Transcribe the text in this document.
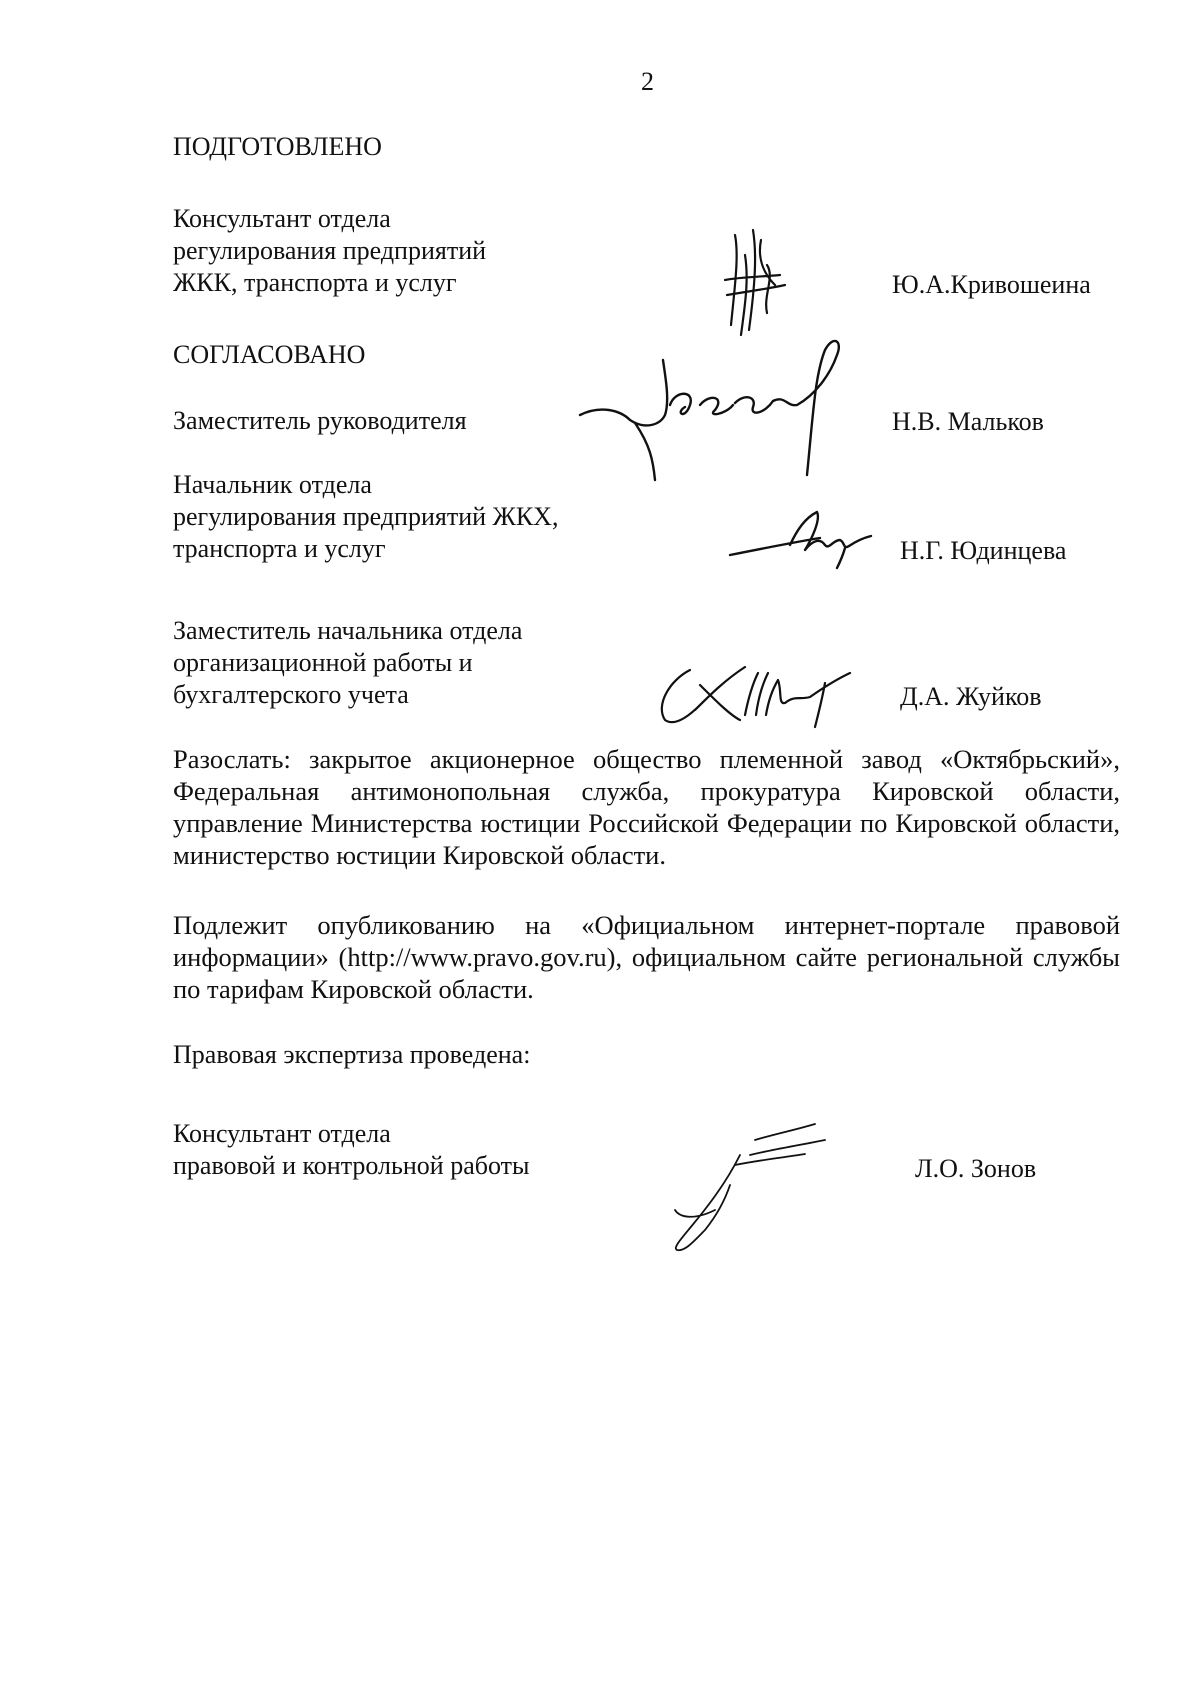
2
ПОДГОТОВЛЕНО
Консультант отдела
регулирования предприятий
ЖКК, транспорта и услуг	Ю.А.Кривошеина
СОГЛАСОВАНО
Заместитель руководителя	Н.В. Мальков
Начальник отдела
регулирования предприятий ЖКХ,
транспорта и услуг	Н.Г. Юдинцева
Заместитель начальника отдела
организационной работы и
бухгалтерского учета	Д.А. Жуйков
Разослать: закрытое акционерное общество племенной завод «Октябрьский», Федеральная антимонопольная служба, прокуратура Кировской области, управление Министерства юстиции Российской Федерации по Кировской области, министерство юстиции Кировской области.
Подлежит опубликованию на «Официальном интернет-портале правовой информации» (http://www.pravo.gov.ru), официальном сайте региональной службы по тарифам Кировской области.
Правовая экспертиза проведена:
Консультант отдела
правовой и контрольной работы	Л.О. Зонов
